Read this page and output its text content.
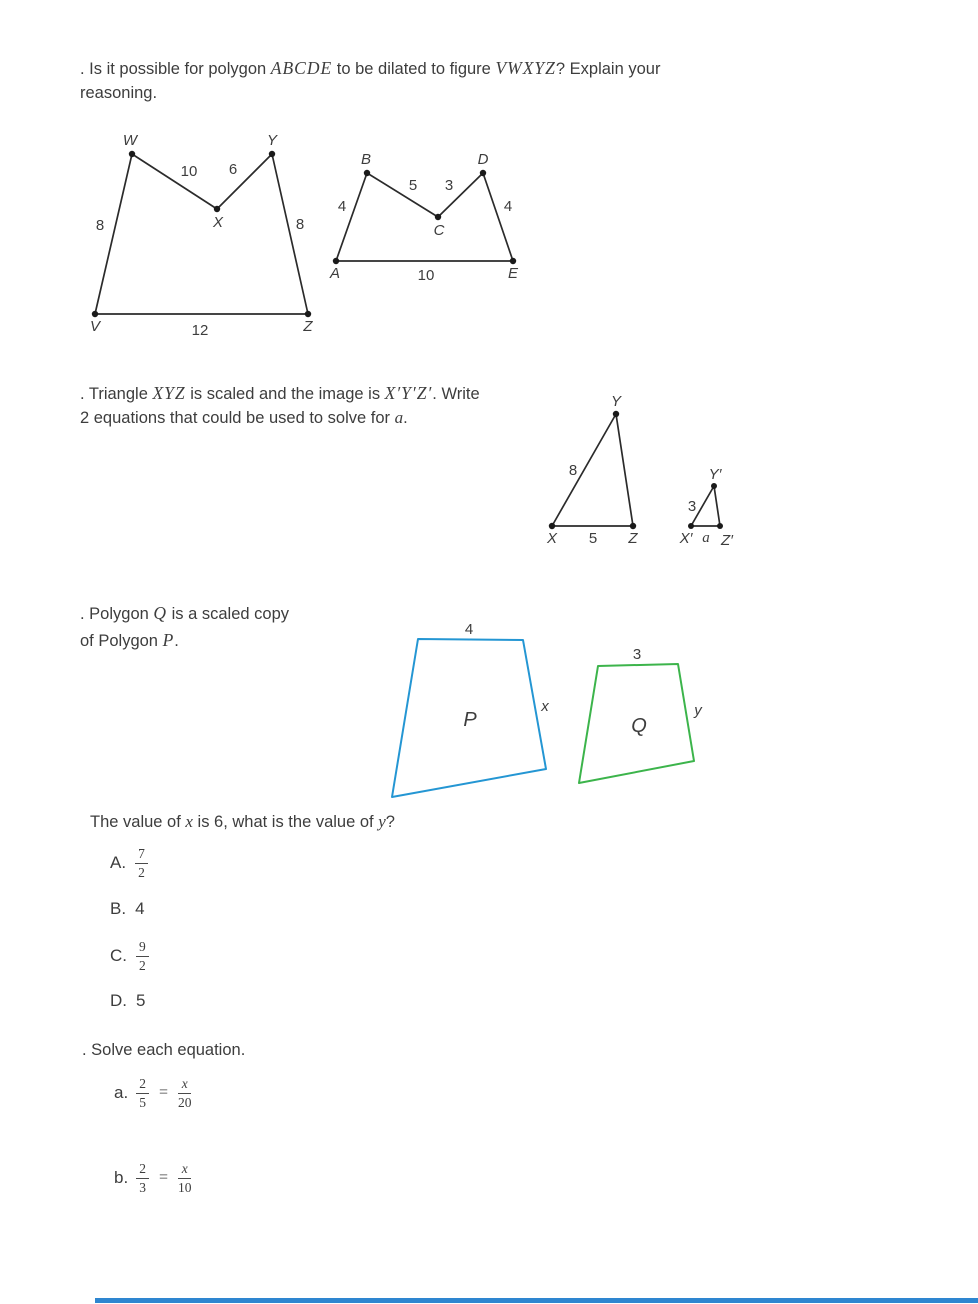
. Is it possible for polygon ABCDE to be dilated to figure VWXYZ? Explain your
reasoning.
W	Y
X
V	Z
8
10 6
8
12
B	D
C
A	E
4
5 3
4
10
. Triangle XYZ is scaled and the image is X′Y′Z′. Write
2 equations that could be used to solve for a.
Y
X	Z
8
5
Y′
X′ Z′
3
a
. Polygon Q is a scaled copy
of Polygon P.
4
x
P
3
y
Q
The value of x is 6, what is the value of y?
A. $\frac{7}{2}$
B. 4
C. $\frac{9}{2}$
D. 5
. Solve each equation.
a. $\frac{2}{5} = \frac{x}{20}$
b. $\frac{2}{3} = \frac{x}{10}$
